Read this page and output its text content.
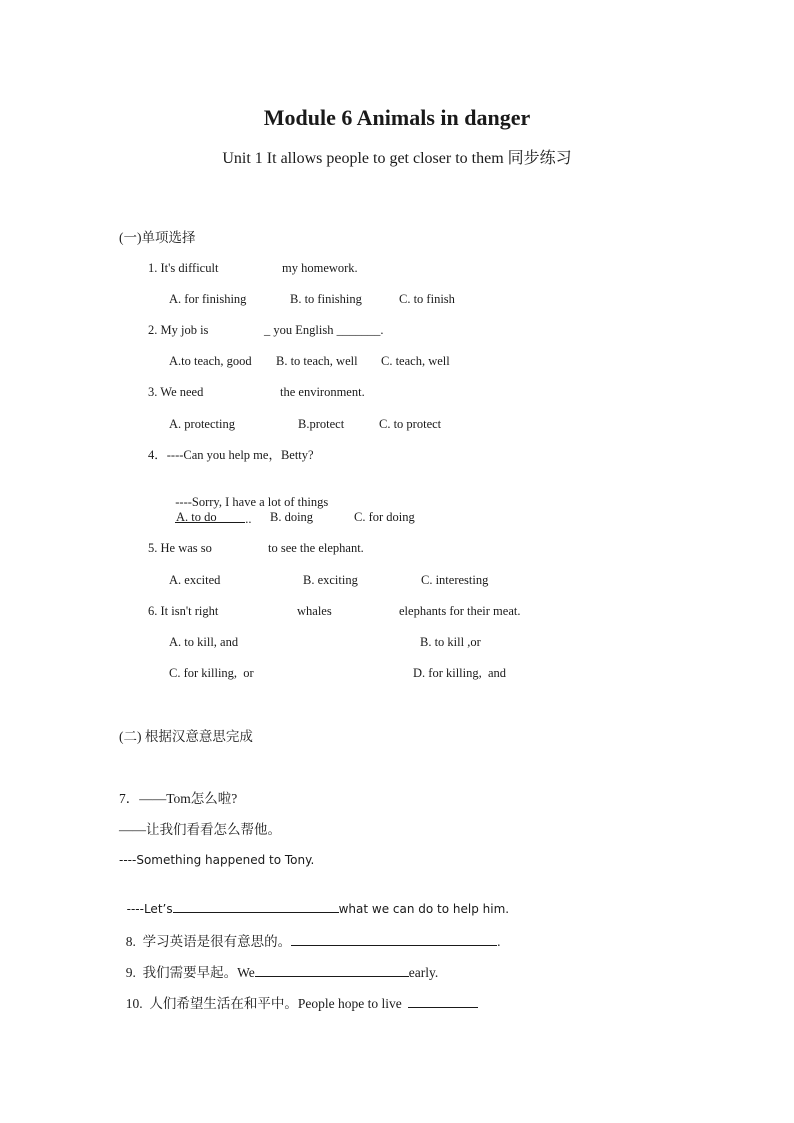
Module 6 Animals in danger
Unit 1 It allows people to get closer to them 同步练习
(一)单项选择
1. It's difficult	my homework.
A. for finishing	B. to finishing	C. to finish
2. My job is	_ you English _______.
A.to teach, good B. to teach, well C. teach, well
3. We need	the environment.
A. protecting	B.protect	C. to protect
4．----Can you help me，Betty?

----Sorry, I have a lot of things
..

A. to do	B. doing	C. for doing
5. He was so	to see the elephant.
A. excited	B. exciting	C. interesting
6. It isn't right	whales	elephants for their meat.
A. to kill, and	B. to kill ,or
C. for killing,  or	D. for killing,  and
(二) 根据汉意意思完成
7．——Tom怎么啦?
——让我们看看怎么帮他。
----Something happened to Tony.

----Let’s	what we can do to help him.

8.  学习英语是很有意思的。	.

9.  我们需要早起。We	early.

10.  人们希望生活在和平中。People hope to live
